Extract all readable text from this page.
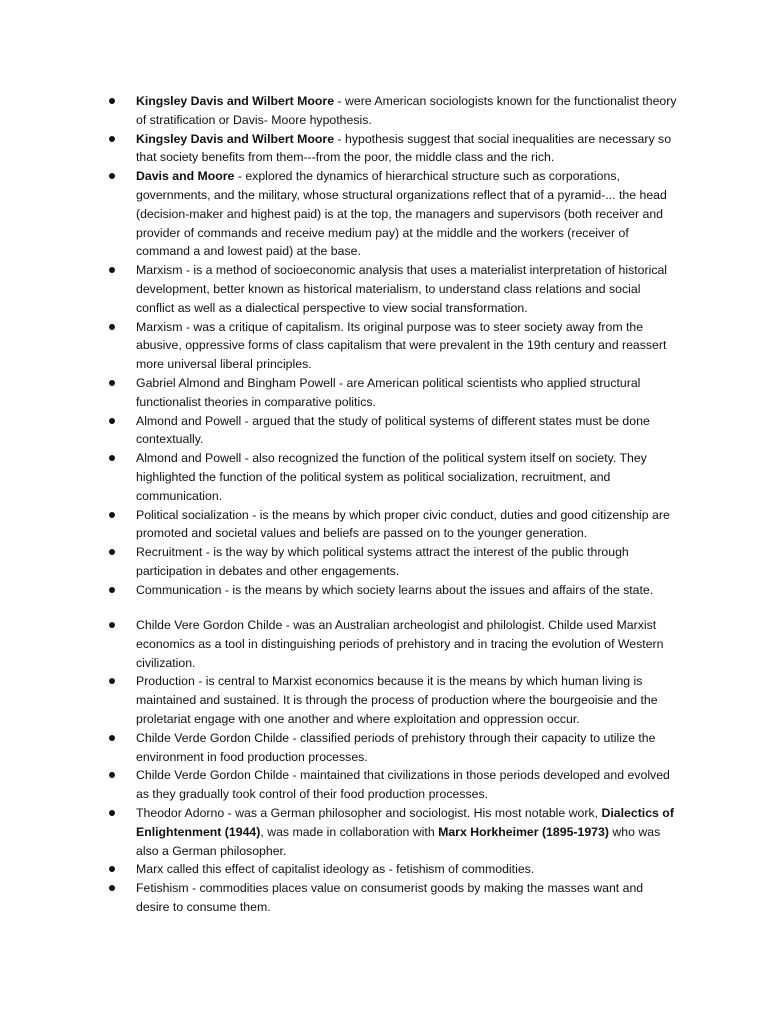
Kingsley Davis and Wilbert Moore - were American sociologists known for the functionalist theory of stratification or Davis- Moore hypothesis.
Kingsley Davis and Wilbert Moore - hypothesis suggest that social inequalities are necessary so that society benefits from them---from the poor, the middle class and the rich.
Davis and Moore - explored the dynamics of hierarchical structure such as corporations, governments, and the military, whose structural organizations reflect that of a pyramid-... the head (decision-maker and highest paid) is at the top, the managers and supervisors (both receiver and provider of commands and receive medium pay) at the middle and the workers (receiver of command a and lowest paid) at the base.
Marxism - is a method of socioeconomic analysis that uses a materialist interpretation of historical development, better known as historical materialism, to understand class relations and social conflict as well as a dialectical perspective to view social transformation.
Marxism - was a critique of capitalism. Its original purpose was to steer society away from the abusive, oppressive forms of class capitalism that were prevalent in the 19th century and reassert more universal liberal principles.
Gabriel Almond and Bingham Powell - are American political scientists who applied structural functionalist theories in comparative politics.
Almond and Powell - argued that the study of political systems of different states must be done contextually.
Almond and Powell - also recognized the function of the political system itself on society. They highlighted the function of the political system as political socialization, recruitment, and communication.
Political socialization - is the means by which proper civic conduct, duties and good citizenship are promoted and societal values and beliefs are passed on to the younger generation.
Recruitment - is the way by which political systems attract the interest of the public through participation in debates and other engagements.
Communication - is the means by which society learns about the issues and affairs of the state.
Childe Vere Gordon Childe - was an Australian archeologist and philologist. Childe used Marxist economics as a tool in distinguishing periods of prehistory and in tracing the evolution of Western civilization.
Production - is central to Marxist economics because it is the means by which human living is maintained and sustained. It is through the process of production where the bourgeoisie and the proletariat engage with one another and where exploitation and oppression occur.
Childe Verde Gordon Childe - classified periods of prehistory through their capacity to utilize the environment in food production processes.
Childe Verde Gordon Childe - maintained that civilizations in those periods developed and evolved as they gradually took control of their food production processes.
Theodor Adorno - was a German philosopher and sociologist. His most notable work, Dialectics of Enlightenment (1944), was made in collaboration with Marx Horkheimer (1895-1973) who was also a German philosopher.
Marx called this effect of capitalist ideology as - fetishism of commodities.
Fetishism - commodities places value on consumerist goods by making the masses want and desire to consume them.
